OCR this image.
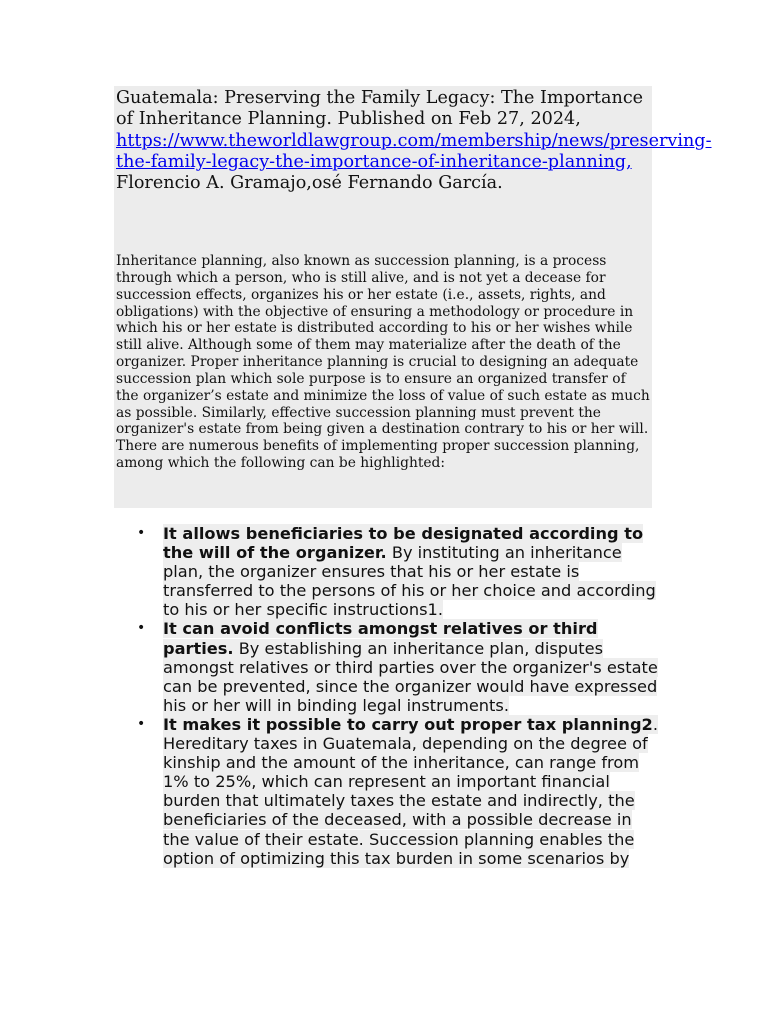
Guatemala: Preserving the Family Legacy: The Importance of Inheritance Planning. Published on Feb 27, 2024, https://www.theworldlawgroup.com/membership/news/preserving-the-family-legacy-the-importance-of-inheritance-planning, Florencio A. Gramajo,osé Fernando García.

Inheritance planning, also known as succession planning, is a process through which a person, who is still alive, and is not yet a decease for succession effects, organizes his or her estate (i.e., assets, rights, and obligations) with the objective of ensuring a methodology or procedure in which his or her estate is distributed according to his or her wishes while still alive. Although some of them may materialize after the death of the organizer. Proper inheritance planning is crucial to designing an adequate succession plan which sole purpose is to ensure an organized transfer of the organizer’s estate and minimize the loss of value of such estate as much as possible. Similarly, effective succession planning must prevent the organizer's estate from being given a destination contrary to his or her will. There are numerous benefits of implementing proper succession planning, among which the following can be highlighted:

• It allows beneficiaries to be designated according to the will of the organizer. By instituting an inheritance plan, the organizer ensures that his or her estate is transferred to the persons of his or her choice and according to his or her specific instructions1.
• It can avoid conflicts amongst relatives or third parties. By establishing an inheritance plan, disputes amongst relatives or third parties over the organizer's estate can be prevented, since the organizer would have expressed his or her will in binding legal instruments.
• It makes it possible to carry out proper tax planning2. Hereditary taxes in Guatemala, depending on the degree of kinship and the amount of the inheritance, can range from 1% to 25%, which can represent an important financial burden that ultimately taxes the estate and indirectly, the beneficiaries of the deceased, with a possible decrease in the value of their estate. Succession planning enables the option of optimizing this tax burden in some scenarios by
